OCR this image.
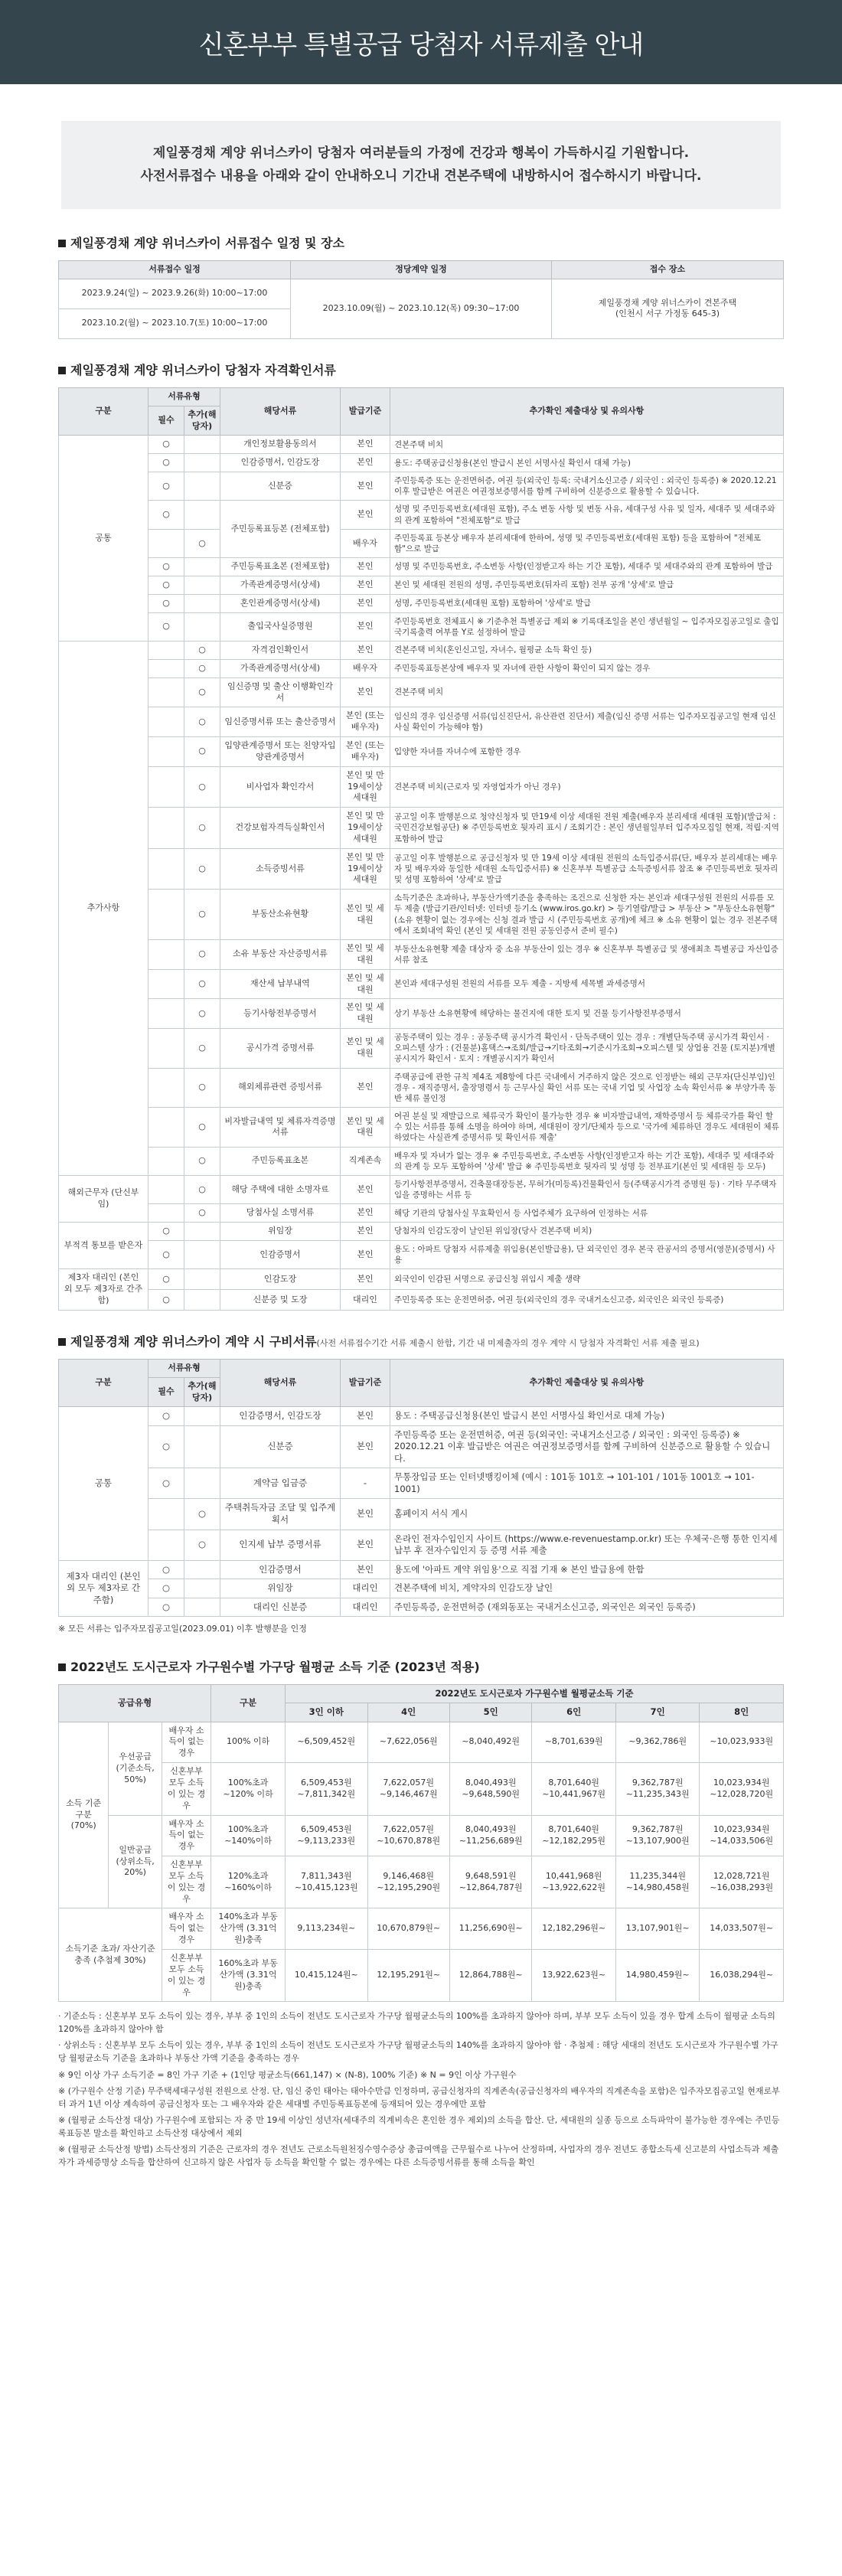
신혼부부 특별공급 당첨자 서류제출 안내

제일풍경채 계양 위너스카이 당첨자 여러분들의 가정에 건강과 행복이 가득하시길 기원합니다.

사전서류접수 내용을 아래와 같이 안내하오니 기간내 견본주택에 내방하시어 접수하시기 바랍니다.

제일풍경채 계양 위너스카이 서류접수 일정 및 장소
서류접수 일정	정당계약 일정	접수 장소
2023.9.24(일) ~ 2023.9.26(화) 10:00~17:00	2023.10.09(월) ~ 2023.10.12(목) 09:30~17:00	제일풍경채 계양 위너스카이 견본주택
(인천시 서구 가정동 645-3)

2023.10.2(월) ~ 2023.10.7(토) 10:00~17:00		
제일풍경채 계양 위너스카이 당첨자 자격확인서류
구분	서류유형		해당서류	발급기준	추가확인 제출대상 및 유의사항
	필수	추가(해당자)			
공통	○		개인정보활용동의서	본인	견본주택 비치
	○		인감증명서, 인감도장	본인	용도: 주택공급신청용(본인 발급시 본인 서명사실 확인서 대체 가능)
	○		신분증	본인	주민등록증 또는 운전면허증, 여권 등(외국인 등록: 국내거소신고증 / 외국인 : 외국인 등록증) ※ 2020.12.21 이후 발급받은 여권은 여권정보증명서를 함께 구비하여 신분증으로 활용할 수 있습니다.
	○		주민등록표등본 (전체포함)	본인	성명 및 주민등록번호(세대원 포함), 주소 변동 사항 및 변동 사유, 세대구성 사유 및 일자, 세대주 및 세대주와의 관계 포함하여 "전체포함"로 발급
		○		배우자	주민등록표 등본상 배우자 분리세대에 한하여, 성명 및 주민등록번호(세대원 포함) 등을 포함하여 "전체포함"으로 발급
	○		주민등록표초본 (전체포함)	본인	성명 및 주민등록번호, 주소변동 사항(인정받고자 하는 기간 포함), 세대주 및 세대주와의 관계 포함하여 발급
	○		가족관계증명서(상세)	본인	본인 및 세대원 전원의 성명, 주민등록번호(뒤자리 포함) 전부 공개 '상세'로 발급
	○		혼인관계증명서(상세)	본인	성명, 주민등록번호(세대원 포함) 포함하여 '상세'로 발급
	○		출입국사실증명원	본인	주민등록번호 전체표시 ※ 기준추천 특별공급 제외 ※ 기록대조일을 본인 생년월일 ~ 입주자모집공고일로 출입국기록출력 여부를 Y로 설정하여 발급
추가사항		○	자격검인확인서	본인	견본주택 비치(혼인신고일, 자녀수, 월평균 소득 확인 등)
		○	가족관계증명서(상세)	배우자	주민등록표등본상에 배우자 및 자녀에 관한 사항이 확인이 되지 않는 경우
		○	임신증명 및 출산 이행확인각서	본인	견본주택 비치
		○	임신증명서류 또는 출산증명서	본인 (또는 배우자)	임신의 경우 임신증명 서류(임신진단서, 유산관련 진단서) 제출(임신 증명 서류는 입주자모집공고일 현재 임신사실 확인이 가능해야 함)
		○	입양관계증명서 또는 친양자입양관계증명서	본인 (또는 배우자)	입양한 자녀를 자녀수에 포함한 경우
		○	비사업자 확인각서	본인 및 만 19세이상 세대원	견본주택 비치(근로자 및 자영업자가 아닌 경우)
		○	건강보험자격득실확인서	본인 및 만 19세이상 세대원	공고일 이후 발행분으로 청약신청자 및 만19세 이상 세대원 전원 제출(배우자 분리세대 세대원 포함)(발급처 : 국민건강보험공단) ※ 주민등록번호 뒷자리 표시 / 조회기간 : 본인 생년월일부터 입주자모집일 현재, 적립·지역 포함하여 발급
		○	소득증빙서류	본인 및 만 19세이상 세대원	공고일 이후 발행분으로 공급신청자 및 만 19세 이상 세대원 전원의 소득입증서류(단, 배우자 분리세대는 배우자 및 배우자와 동일한 세대원 소득입증서류) ※ 신혼부부 특별공급 소득증빙서류 참조 ※ 주민등록번호 뒷자리 및 성명 포함하여 '상세'로 발급
		○	부동산소유현황	본인 및 세대원	소득기준은 초과하나, 부동산가액기준을 충족하는 조건으로 신청한 자는 본인과 세대구성원 전원의 서류를 모두 제출 (발급기관/인터넷: 인터넷 등기소 (www.iros.go.kr) > 등기열람/발급 > 부동산 > "부동산소유현황"(소유 현황이 없는 경우에는 신청 결과 발급 시 (주민등록번호 공개)에 체크 ※ 소유 현황이 없는 경우 전본주택에서 조회내역 확인 (본인 및 세대원 전원 공동인증서 준비 필수)
		○	소유 부동산 자산증빙서류	본인 및 세대원	부동산소유현황 제출 대상자 중 소유 부동산이 있는 경우 ※ 신혼부부 특별공급 및 생애최초 특별공급 자산입증서류 참조
		○	재산세 납부내역	본인 및 세대원	본인과 세대구성원 전원의 서류를 모두 제출 - 지방세 세목별 과세증명서
		○	등기사항전부증명서	본인 및 세대원	상기 부동산 소유현황에 해당하는 물건지에 대한 토지 및 건물 등기사항전부증명서
		○	공시가격 증명서류	본인 및 세대원	공동주택이 있는 경우 : 공동주택 공시가격 확인서 · 단독주택이 있는 경우 : 개별단독주택 공시가격 확인서 · 오피스텔 상가 : (건물분)홈택스→조회/발급→기타조회→기준시가조회→오피스텔 및 상업용 건물 (토지분)개별공시지가 확인서 · 토지 : 개별공시지가 확인서
		○	해외체류관련 증빙서류	본인	주택공급에 관한 규칙 제4조 제8항에 다른 국내에서 거주하지 않은 것으로 인정받는 해외 근무자(단신부임)인 경우 - 재직증명서, 출장명령서 등 근무사실 확인 서류 또는 국내 기업 및 사업장 소속 확인서류 ※ 부양가족 동반 체류 불인정
		○	비자발급내역 및 체류자격증명서류	본인 및 세대원	여권 분실 및 재발급으로 체류국가 확인이 불가능한 경우 ※ 비자발급내역, 재학증명서 등 체류국가를 확인 할 수 있는 서류를 통해 소명을 하여야 하며, 세대원이 장기/단체자 등으로 '국가에 체류하던 경우도 세대원이 체류하였다는 사실관계 증명서류 및 확인서류 제출'
		○	주민등록표초본	직계존속	배우자 및 자녀가 없는 경우 ※ 주민등록번호, 주소변동 사항(인정받고자 하는 기간 포함), 세대주 및 세대주와의 관계 등 모두 포함하여 '상세' 발급 ※ 주민등록번호 뒷자리 및 성명 등 전부표기(본인 및 세대원 등 모두)
해외근무자 (단신부임)		○	해당 주택에 대한 소명자료	본인	등기사항전부증명서, 건축물대장등본, 무허가(미등록)건물확인서 등(주택공시가격 증명원 등) · 기타 무주택자임을 증명하는 서류 등
		○	당첨사실 소명서류	본인	해당 기관의 당첨사실 무효확인서 등 사업주체가 요구하여 인정하는 서류
부적격 통보를 받은자	○		위임장	본인	당첨자의 인감도장이 날인된 위임장(당사 견본주택 비치)
	○		인감증명서	본인	용도 : 아파트 당첨자 서류제출 위임용(본인발급용), 단 외국인인 경우 본국 관공서의 증명서(영문)(증명서) 사용
제3자 대리인 (본인 외 모두 제3자로 간주함)	○		인감도장	본인	외국인이 인감된 서명으로 공급신청 위임시 제출 생략
	○		신분증 및 도장	대리인	주민등록증 또는 운전면허증, 여권 등(외국인의 경우 국내거소신고증, 외국인은 외국인 등록증)
제일풍경채 계양 위너스카이 계약 시 구비서류(사전 서류접수기간 서류 제출시 한함, 기간 내 미제출자의 경우 계약 시 당첨자 자격확인 서류 제출 필요)
구분	서류유형		해당서류	발급기준	추가확인 제출대상 및 유의사항
	필수	추가(해당자)			
공통	○		인감증명서, 인감도장	본인	용도 : 주택공급신청용(본인 발급시 본인 서명사실 확인서로 대체 가능)
	○		신분증	본인	주민등록증 또는 운전면허증, 여권 등(외국인: 국내거소신고증 / 외국인 : 외국인 등록증) ※ 2020.12.21 이후 발급받은 여권은 여권정보증명서를 함께 구비하여 신분증으로 활용할 수 있습니다.
	○		계약금 입금증	-	무통장입금 또는 인터넷뱅킹이체 (예시 : 101동 101호 → 101-101 / 101동 1001호 → 101-1001)
		○	주택취득자금 조달 및 입주계획서	본인	홈페이지 서식 게시
		○	인지세 납부 증명서류	본인	온라인 전자수입인지 사이트 (https://www.e-revenuestamp.or.kr) 또는 우체국·은행 통한 인지세 납부 후 전자수입인지 등 증명 서류 제출
제3자 대리인 (본인 외 모두 제3자로 간주함)	○		인감증명서	본인	용도에 '아파트 계약 위임용'으로 직접 기재 ※ 본인 발급용에 한함
	○		위임장	대리인	견본주택에 비치, 계약자의 인감도장 날인
	○		대리인 신분증	대리인	주민등록증, 운전면허증 (재외동포는 국내거소신고증, 외국인은 외국인 등록증)
※ 모든 서류는 입주자모집공고일(2023.09.01) 이후 발행분을 인정
2022년도 도시근로자 가구원수별 가구당 월평균 소득 기준 (2023년 적용)
공급유형			구분	2022년도 도시근로자 가구원수별 월평균소득 기준					
				3인 이하	4인	5인	6인	7인	8인
소득 기준구분 (70%)	우선공급 (기준소득, 50%)	배우자 소득이 없는 경우	100% 이하	~6,509,452원	~7,622,056원	~8,040,492원	~8,701,639원	~9,362,786원	~10,023,933원
		신혼부부 모두 소득이 있는 경우	100%초과~120% 이하	6,509,453원 ~7,811,342원	7,622,057원 ~9,146,467원	8,040,493원 ~9,648,590원	8,701,640원 ~10,441,967원	9,362,787원 ~11,235,343원	10,023,934원 ~12,028,720원
	일반공급 (상위소득, 20%)	배우자 소득이 없는 경우	100%초과~140%이하	6,509,453원 ~9,113,233원	7,622,057원 ~10,670,878원	8,040,493원 ~11,256,689원	8,701,640원 ~12,182,295원	9,362,787원 ~13,107,900원	10,023,934원 ~14,033,506원
		신혼부부 모두 소득이 있는 경우	120%초과~160%이하	7,811,343원 ~10,415,123원	9,146,468원 ~12,195,290원	9,648,591원 ~12,864,787원	10,441,968원 ~13,922,622원	11,235,344원 ~14,980,458원	12,028,721원 ~16,038,293원
소득기준 초과/ 자산기준 충족 (추첨제 30%)		배우자 소득이 없는 경우	140%초과 부동산가액 (3.31억원)충족	9,113,234원~	10,670,879원~	11,256,690원~	12,182,296원~	13,107,901원~	14,033,507원~
		신혼부부 모두 소득이 있는 경우	160%초과 부동산가액 (3.31억원)충족	10,415,124원~	12,195,291원~	12,864,788원~	13,922,623원~	14,980,459원~	16,038,294원~

· 기준소득 : 신혼부부 모두 소득이 있는 경우, 부부 중 1인의 소득이 전년도 도시근로자 가구당 월평균소득의 100%를 초과하지 않아야 하며, 부부 모두 소득이 있을 경우 합계 소득이 월평균 소득의 120%를 초과하지 않아야 함

· 상위소득 : 신혼부부 모두 소득이 있는 경우, 부부 중 1인의 소득이 전년도 도시근로자 가구당 월평균소득의 140%를 초과하지 않아야 함 · 추첨제 : 해당 세대의 전년도 도시근로자 가구원수별 가구당 월평균소득 기준을 초과하나 부동산 가액 기준을 충족하는 경우

※ 9인 이상 가구 소득기준 = 8인 가구 기준 + (1인당 평균소득(661,147) × (N-8), 100% 기준) ※ N = 9인 이상 가구원수

※ (가구원수 산정 기준) 무주택세대구성원 전원으로 산정. 단, 임신 중인 태아는 태아수만큼 인정하며, 공급신청자의 직계존속(공급신청자의 배우자의 직계존속을 포함)은 입주자모집공고일 현재로부터 과거 1년 이상 계속하여 공급신청자 또는 그 배우자와 같은 세대별 주민등록표등본에 등재되어 있는 경우에만 포함

※ (월평균 소득산정 대상) 가구원수에 포함되는 자 중 만 19세 이상인 성년자(세대주의 직계비속은 혼인한 경우 제외)의 소득을 합산. 단, 세대원의 실종 등으로 소득파악이 불가능한 경우에는 주민등록표등본 말소를 확인하고 소득산정 대상에서 제외

※ (월평균 소득산정 방법) 소득산정의 기준은 근로자의 경우 전년도 근로소득원천징수영수증상 총급여액을 근무월수로 나누어 산정하며, 사업자의 경우 전년도 종합소득세 신고분의 사업소득과 제출자가 과세증명상 소득을 합산하여 신고하지 않은 사업자 등 소득을 확인할 수 없는 경우에는 다른 소득증빙서류를 통해 소득을 확인
